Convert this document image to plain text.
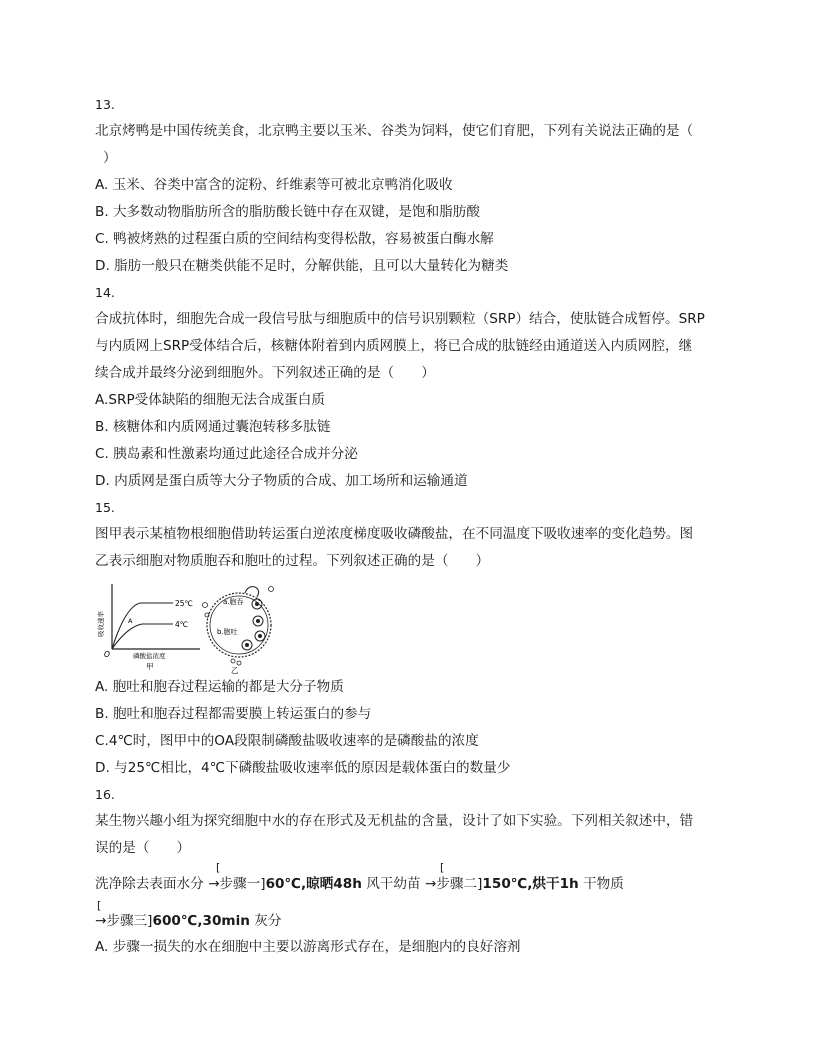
13.
北京烤鸭是中国传统美食，北京鸭主要以玉米、谷类为饲料，使它们育肥，下列有关说法正确的是（
）
A. 玉米、谷类中富含的淀粉、纤维素等可被北京鸭消化吸收
B. 大多数动物脂肪所含的脂肪酸长链中存在双键，是饱和脂肪酸
C. 鸭被烤熟的过程蛋白质的空间结构变得松散，容易被蛋白酶水解
D. 脂肪一般只在糖类供能不足时，分解供能，且可以大量转化为糖类
14.
合成抗体时，细胞先合成一段信号肽与细胞质中的信号识别颗粒（SRP）结合，使肽链合成暂停。SRP
与内质网上SRP受体结合后，核糖体附着到内质网膜上，将已合成的肽链经由通道送入内质网腔，继
续合成并最终分泌到细胞外。下列叙述正确的是（　　）
A.SRP受体缺陷的细胞无法合成蛋白质
B. 核糖体和内质网通过囊泡转移多肽链
C. 胰岛素和性激素均通过此途径合成并分泌
D. 内质网是蛋白质等大分子物质的合成、加工场所和运输通道
15.
图甲表示某植物根细胞借助转运蛋白逆浓度梯度吸收磷酸盐，在不同温度下吸收速率的变化趋势。图
乙表示细胞对物质胞吞和胞吐的过程。下列叙述正确的是（　　）
25℃
4℃
A
O
吸收速率
磷酸盐浓度
甲
a.胞吞
b.胞吐
乙
A. 胞吐和胞吞过程运输的都是大分子物质
B. 胞吐和胞吞过程都需要膜上转运蛋白的参与
C.4℃时，图甲中的OA段限制磷酸盐吸收速率的是磷酸盐的浓度
D. 与25℃相比，4℃下磷酸盐吸收速率低的原因是载体蛋白的数量少
16.
某生物兴趣小组为探究细胞中水的存在形式及无机盐的含量，设计了如下实验。下列相关叙述中，错
误的是（　　）
[	[
洗净除去表面水分 →步骤一]60℃,晾晒48h 风干幼苗 →步骤二]150℃,烘干1h 干物质
[
→步骤三]600℃,30min 灰分
A. 步骤一损失的水在细胞中主要以游离形式存在，是细胞内的良好溶剂
